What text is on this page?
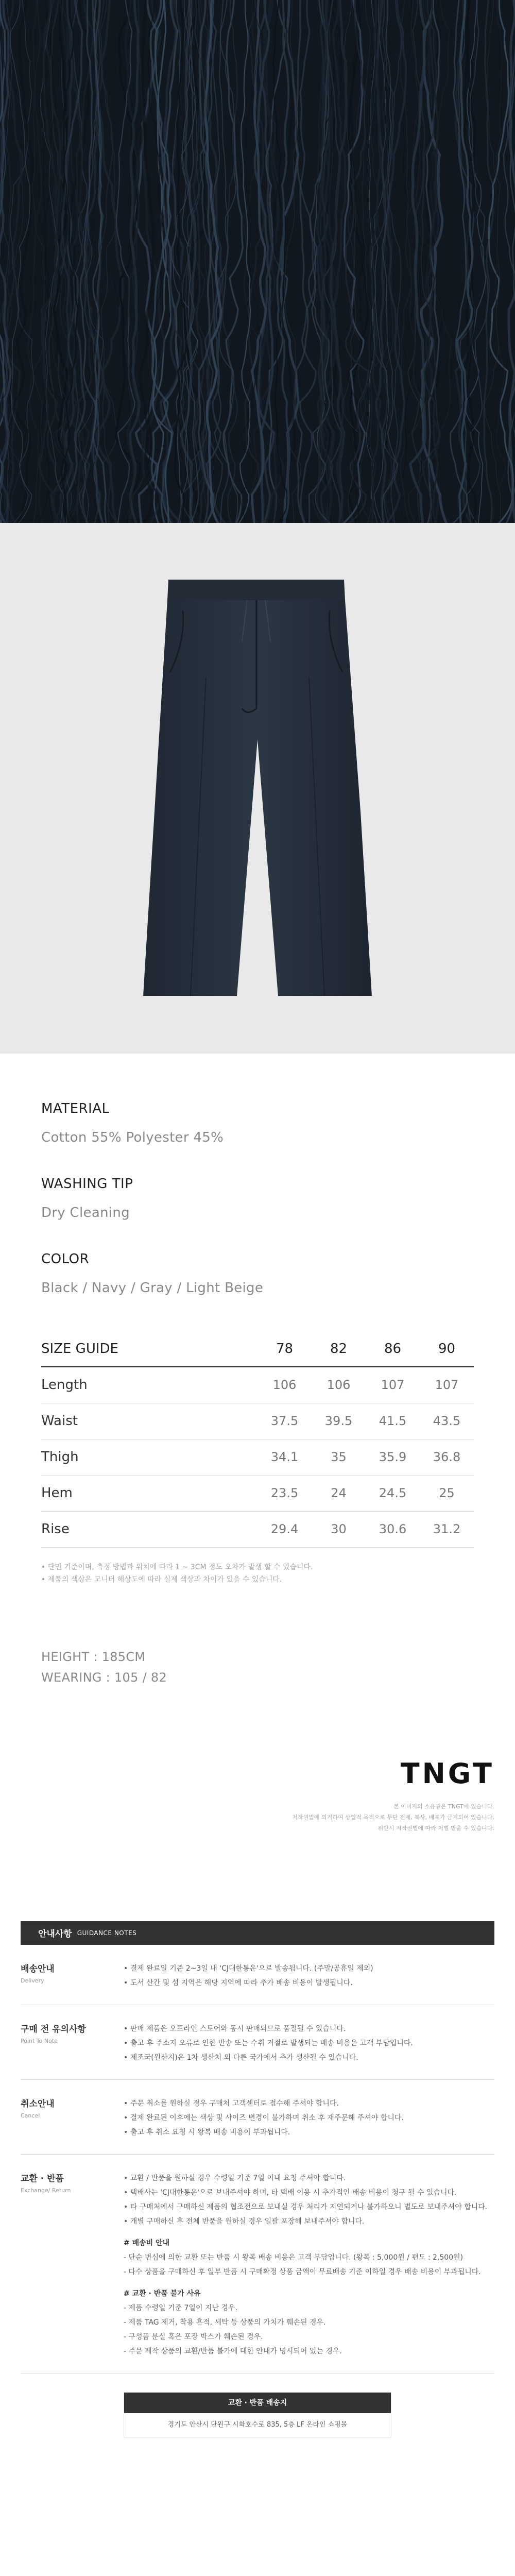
MATERIAL
Cotton 55% Polyester 45%
WASHING TIP
Dry Cleaning
COLOR
Black / Navy / Gray / Light Beige
SIZE GUIDE	78	82	86	90
Length	106	106	107	107
Waist	37.5	39.5	41.5	43.5
Thigh	34.1	35	35.9	36.8
Hem	23.5	24	24.5	25
Rise	29.4	30	30.6	31.2
• 단면 기준이며, 측정 방법과 위치에 따라 1 ~ 3CM 정도 오차가 발생 할 수 있습니다.
• 제품의 색상은 모니터 해상도에 따라 실제 색상과 차이가 있을 수 있습니다.
HEIGHT : 185CM
WEARING : 105 / 82
TNGT
본 이미지의 소유권은 TNGT에 있습니다.
저작권법에 의거하여 상업적 목적으로 무단 전제, 복사, 배포가 금지되어 있습니다.
위반시 저작권법에 따라 처벌 받을 수 있습니다.
안내사항 GUIDANCE NOTES
배송안내
Delivery
• 결제 완료일 기준 2~3일 내 'CJ대한통운'으로 발송됩니다. (주말/공휴일 제외)
• 도서 산간 및 섬 지역은 해당 지역에 따라 추가 배송 비용이 발생됩니다.
구매 전 유의사항
Point To Note
• 판매 제품은 오프라인 스토어와 동시 판매되므로 품절될 수 있습니다.
• 출고 후 주소지 오류로 인한 반송 또는 수취 거절로 발생되는 배송 비용은 고객 부담입니다.
• 제조국(원산지)은 1차 생산처 외 다른 국가에서 추가 생산될 수 있습니다.
취소안내
Cancel
• 주문 취소를 원하실 경우 구매처 고객센터로 접수해 주셔야 합니다.
• 결제 완료된 이후에는 색상 및 사이즈 변경이 불가하며 취소 후 재주문해 주셔야 합니다.
• 출고 후 취소 요청 시 왕복 배송 비용이 부과됩니다.
교환 · 반품
Exchange/ Return
• 교환 / 반품을 원하실 경우 수령일 기준 7일 이내 요청 주셔야 합니다.
• 택배사는 'CJ대한통운'으로 보내주셔야 하며, 타 택배 이용 시 추가적인 배송 비용이 청구 될 수 있습니다.
• 타 구매처에서 구매하신 제품의 협조전으로 보내실 경우 처리가 지연되거나 불가하오니 별도로 보내주셔야 합니다.
• 개별 구매하신 후 전체 반품을 원하실 경우 일괄 포장해 보내주셔야 합니다.
# 배송비 안내
- 단순 변심에 의한 교환 또는 반품 시 왕복 배송 비용은 고객 부담입니다. (왕복 : 5,000원 / 편도 : 2,500원)
- 다수 상품을 구매하신 후 일부 반품 시 구매확정 상품 금액이 무료배송 기준 이하일 경우 배송 비용이 부과됩니다.
# 교환 · 반품 불가 사유
- 제품 수령일 기준 7일이 지난 경우.
- 제품 TAG 제거, 착용 흔적, 세탁 등 상품의 가치가 훼손된 경우.
- 구성품 분실 혹은 포장 박스가 훼손된 경우.
- 주문 제작 상품의 교환/반품 불가에 대한 안내가 명시되어 있는 경우.
교환 · 반품 배송지
경기도 안산시 단원구 시화호수로 835, 5층 LF 온라인 쇼핑몰
